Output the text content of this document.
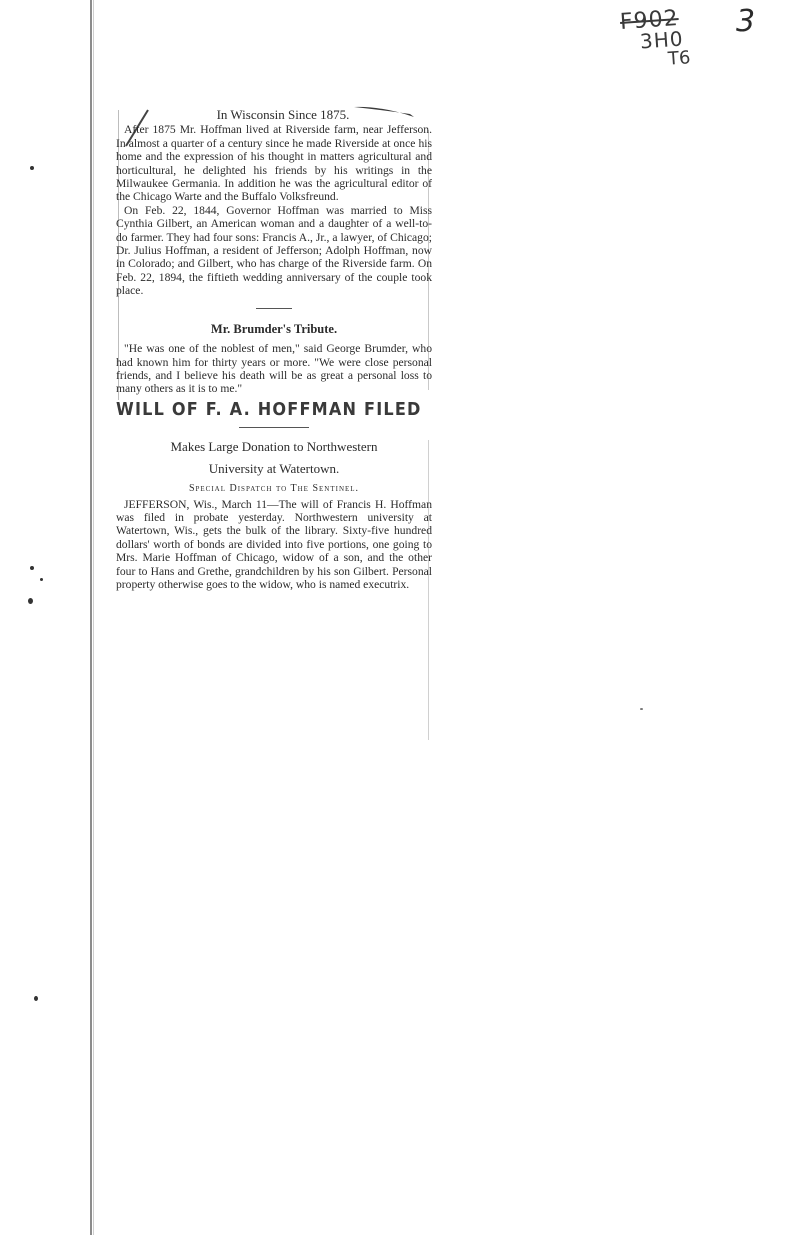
F902
3H0
T6
3
In Wisconsin Since 1875.

After 1875 Mr. Hoffman lived at Riverside farm, near Jefferson. In almost a quarter of a century since he made Riverside at once his home and the expression of his thought in matters agricultural and horticultural, he delighted his friends by his writings in the Milwaukee Germania. In addition he was the agricultural editor of the Chicago Warte and the Buffalo Volksfreund.

On Feb. 22, 1844, Governor Hoffman was married to Miss Cynthia Gilbert, an American woman and a daughter of a well-to-do farmer. They had four sons: Francis A., Jr., a lawyer, of Chicago; Dr. Julius Hoffman, a resident of Jefferson; Adolph Hoffman, now in Colorado; and Gilbert, who has charge of the Riverside farm. On Feb. 22, 1894, the fiftieth wedding anniversary of the couple took place.

Mr. Brumder's Tribute.

"He was one of the noblest of men," said George Brumder, who had known him for thirty years or more. "We were close personal friends, and I believe his death will be as great a personal loss to many others as it is to me."

WILL OF F. A. HOFFMAN FILED
Makes Large Donation to Northwestern
University at Watertown.
Special Dispatch to The Sentinel.

JEFFERSON, Wis., March 11—The will of Francis H. Hoffman was filed in probate yesterday. Northwestern university at Watertown, Wis., gets the bulk of the library. Sixty-five hundred dollars' worth of bonds are divided into five portions, one going to Mrs. Marie Hoffman of Chicago, widow of a son, and the other four to Hans and Grethe, grandchildren by his son Gilbert. Personal property otherwise goes to the widow, who is named executrix.
